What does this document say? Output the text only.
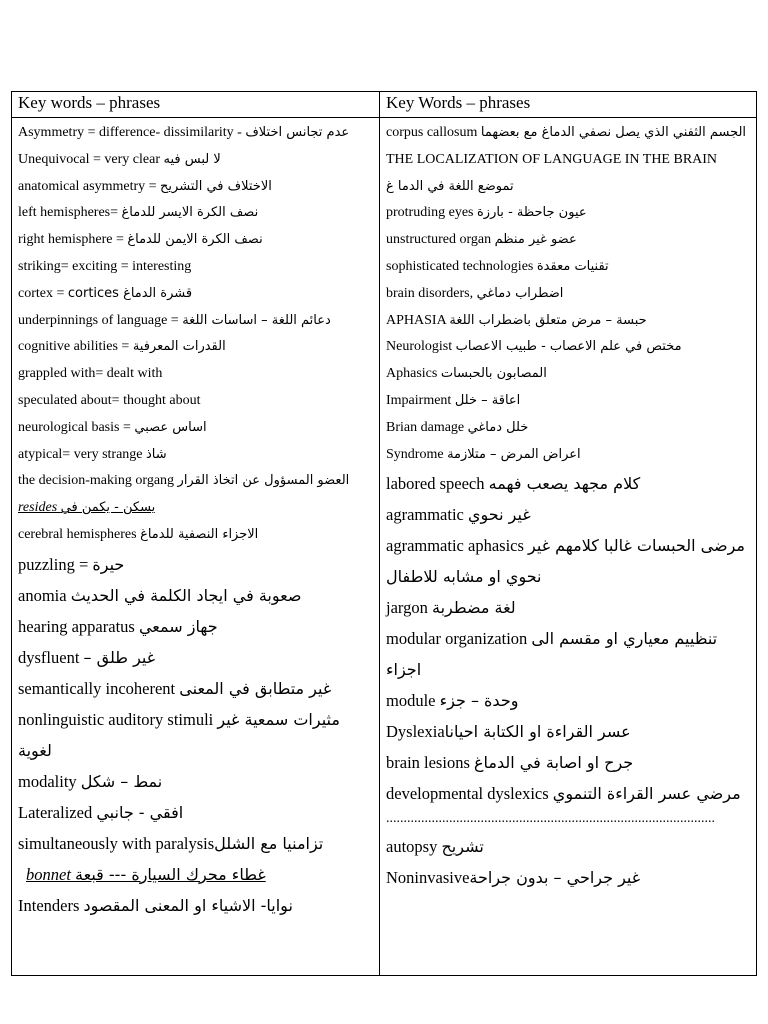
Key words – phrases
Asymmetry = difference- dissimilarity - عدم تجانس اختلاف
Unequivocal = very clear لا لبس فيه
anatomical asymmetry = الاختلاف في التشريح
left hemispheres= نصف الكرة الايسر للدماغ
right hemisphere = نصف الكرة الايمن للدماغ
striking= exciting = interesting
cortex = قشرة الدماغ cortices
underpinnings of language = دعائم اللغة – اساسات اللغة
cognitive abilities = القدرات المعرفية
grappled with= dealt with
speculated about= thought about
neurological basis = اساس عصبي
atypical= very strange شاذ
the decision-making organg العضو المسؤول عن اتخاذ القرار
resides يسكن - يكمن في
cerebral hemispheres الاجزاء النصفية للدماغ
puzzling = حيرة
anomia صعوبة في ايجاد الكلمة في الحديث
hearing apparatus جهاز سمعي
dysfluent غير طلق –
semantically incoherent غير متطابق في المعنى
nonlinguistic auditory stimuli مثيرات سمعية غير لغوية
modality نمط – شكل
Lateralized افقي - جانبي
simultaneously with paralysisتزامنيا مع الشلل
bonnet غطاء محرك السيارة --- قبعة
Intenders نوايا- الاشياء او المعنى المقصود
Key Words – phrases
corpus callosum الجسم الثفني الذي يصل نصفي الدماغ مع بعضهما
THE LOCALIZATION OF LANGUAGE IN THE BRAIN
تموضع اللغة في الدما غ
protruding eyes عيون جاحظة - بارزة
unstructured organ عضو غير منظم
sophisticated technologies تقنيات معقدة
brain disorders, اضطراب دماغي
APHASIA حبسة – مرض متعلق باضطراب اللغة
Neurologist مختص في علم الاعصاب - طبيب الاعصاب
Aphasics المصابون بالحبسات
Impairment اعاقة – خلل
Brian damage خلل دماغي
Syndrome اعراض المرض – متلازمة
labored speech كلام مجهد يصعب فهمه
agrammatic غير نحوي
agrammatic aphasics مرضى الحبسات غالبا كلامهم غير نحوي او مشابه للاطفال
jargon لغة مضطربة
modular organization تنظييم معياري او مقسم الى اجزاء
module وحدة – جزء
Dyslexiaعسر القراءة او الكتابة احيانا
brain lesions جرح او اصابة في الدماغ
developmental dyslexics مرضي عسر القراءة التنموي
..............................................................................................
autopsy تشريح
Noninvasiveغير جراحي – بدون جراحة
